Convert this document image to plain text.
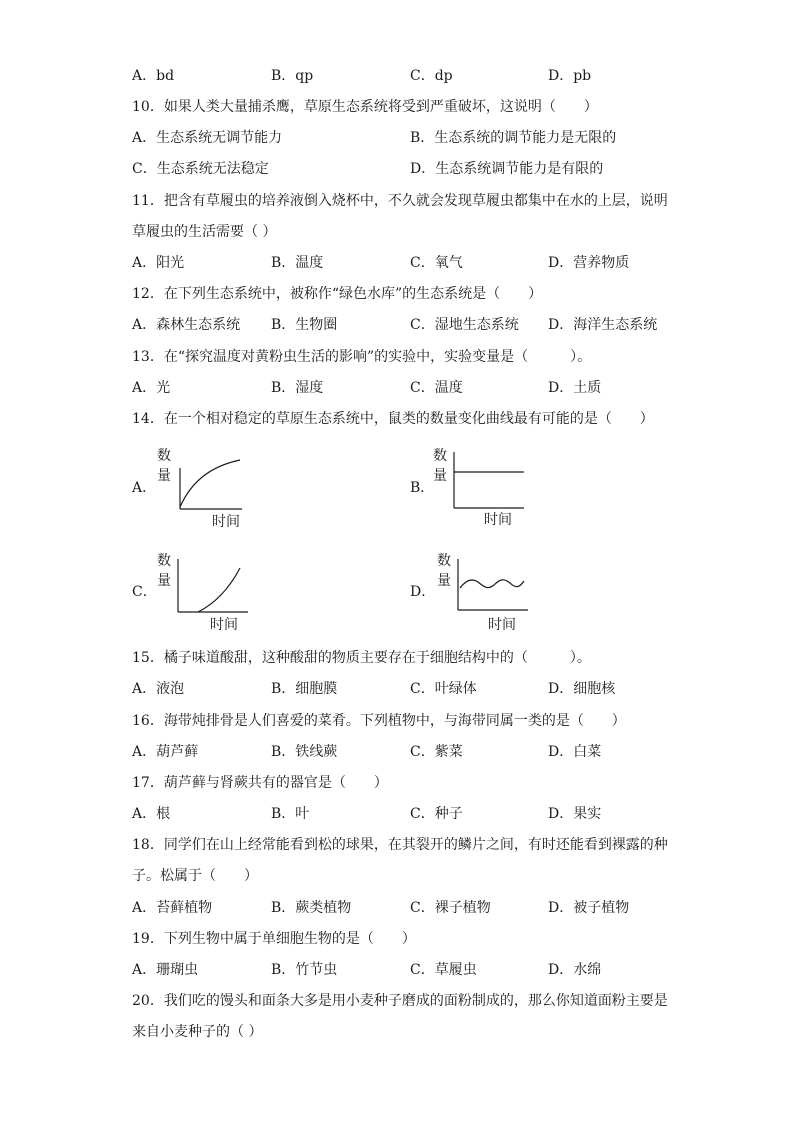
A．bd	B．qp	C．dp	D．pb
10．如果人类大量捕杀鹰，草原生态系统将受到严重破坏，这说明（　　）
A．生态系统无调节能力	B．生态系统的调节能力是无限的
C．生态系统无法稳定	D．生态系统调节能力是有限的
11．把含有草履虫的培养液倒入烧杯中，不久就会发现草履虫都集中在水的上层，说明
草履虫的生活需要（ ）
A．阳光	B．温度	C．氧气	D．营养物质
12．在下列生态系统中，被称作“绿色水库”的生态系统是（　　）
A．森林生态系统 B．生物圈	C．湿地生态系统 D．海洋生态系统
13．在“探究温度对黄粉虫生活的影响”的实验中，实验变量是（　　　）。
A．光	B．湿度	C．温度	D．土质
14．在一个相对稳定的草原生态系统中，鼠类的数量变化曲线最有可能的是（　　）
A．
数
量
时间
B．
数
量
时间
C．
数
量
时间
D．
数
量
时间
15．橘子味道酸甜，这种酸甜的物质主要存在于细胞结构中的（　　　）。
A．液泡	B．细胞膜	C．叶绿体	D．细胞核
16．海带炖排骨是人们喜爱的菜肴。下列植物中，与海带同属一类的是（　　）
A．葫芦藓	B．铁线蕨	C．紫菜	D．白菜
17．葫芦藓与肾蕨共有的器官是（　　）
A．根	B．叶	C．种子	D．果实
18．同学们在山上经常能看到松的球果，在其裂开的鳞片之间，有时还能看到裸露的种
子。松属于（　　）
A．苔藓植物	B．蕨类植物	C．裸子植物	D．被子植物
19．下列生物中属于单细胞生物的是（　　）
A．珊瑚虫	B．竹节虫	C．草履虫	D．水绵
20．我们吃的馒头和面条大多是用小麦种子磨成的面粉制成的，那么你知道面粉主要是
来自小麦种子的（ ）
